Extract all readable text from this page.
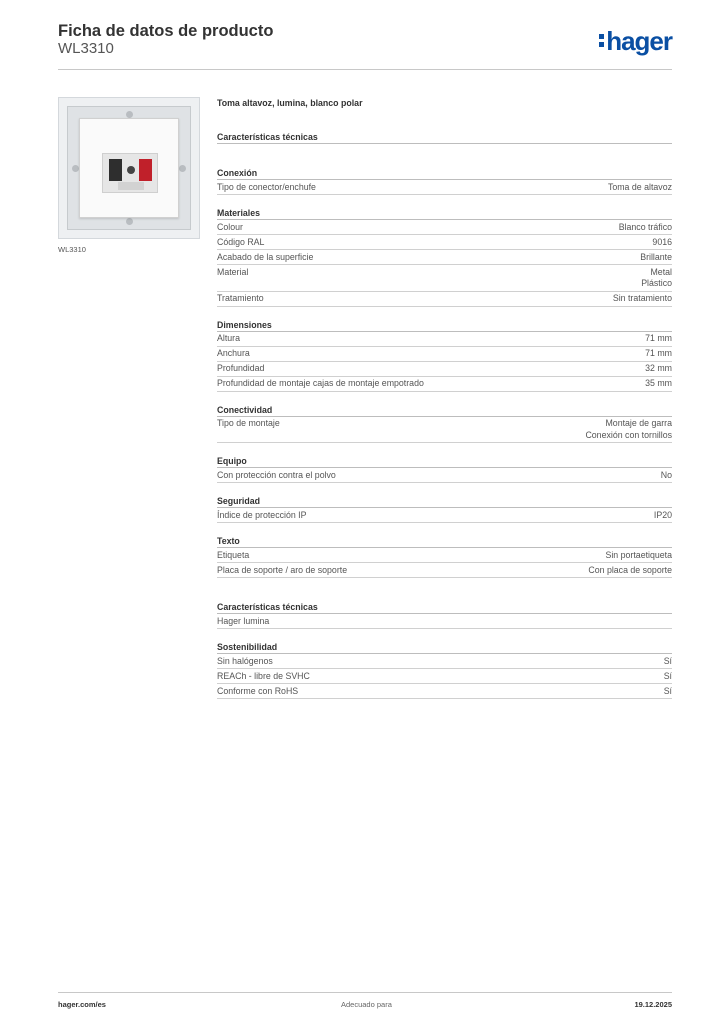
Ficha de datos de producto
WL3310	hager
WL3310
Toma altavoz, lumina, blanco polar
Características técnicas
Conexión
Tipo de conector/enchufe	Toma de altavoz
Materiales
Colour	Blanco tráfico
Código RAL	9016
Acabado de la superficie	Brillante
Material	Metal
Plástico
Tratamiento	Sin tratamiento
Dimensiones
Altura	71 mm
Anchura	71 mm
Profundidad	32 mm
Profundidad de montaje cajas de montaje empotrado	35 mm
Conectividad
Tipo de montaje	Montaje de garra
Conexión con tornillos
Equipo
Con protección contra el polvo	No
Seguridad
Índice de protección IP	IP20
Texto
Etiqueta	Sin portaetiqueta
Placa de soporte / aro de soporte	Con placa de soporte
Características técnicas
Hager lumina
Sostenibilidad
Sin halógenos	Sí
REACh - libre de SVHC	Sí
Conforme con RoHS	Sí
hager.com/es	Adecuado para	19.12.2025
